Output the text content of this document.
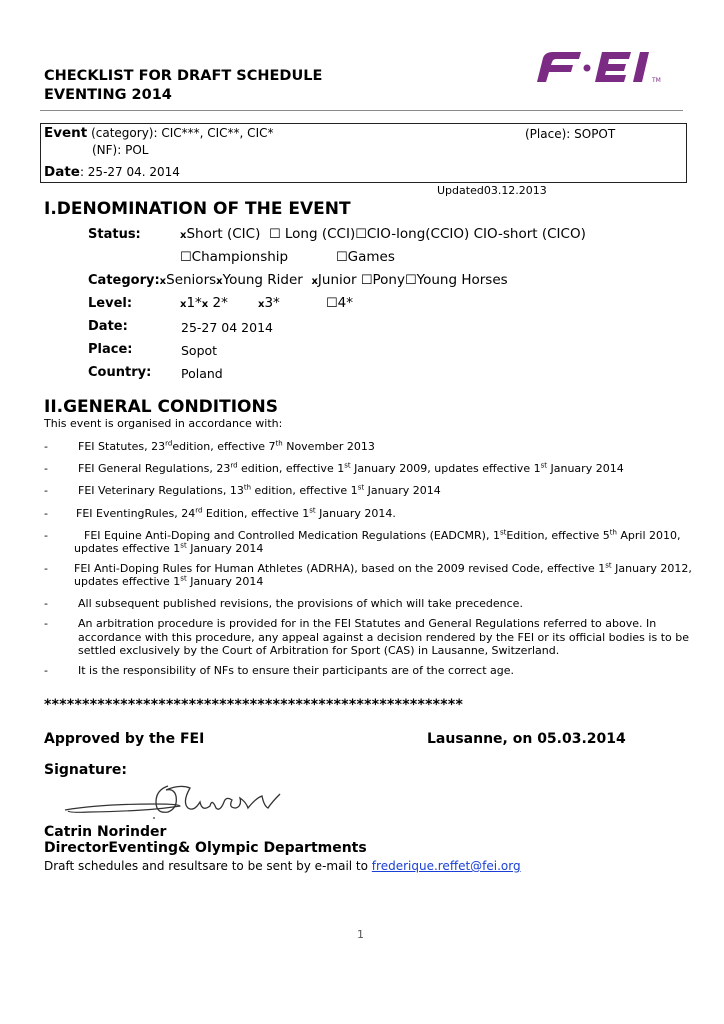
CHECKLIST FOR DRAFT SCHEDULE
EVENTING 2014
TM
Event (category): CIC***, CIC**, CIC*	(Place): SOPOT
(NF): POL
Date: 25-27 04. 2014
Updated03.12.2013
I.DENOMINATION OF THE EVENT
Status:	xShort (CIC) ☐ Long (CCI)☐CIO-long(CCIO) CIO-short (CICO)
☐Championship	☐Games
Category:xSeniorsxYoung Rider xJunior ☐Pony☐Young Horses
Level:	x1*x 2*	x3*	☐4*
Date:	25-27 04 2014
Place:	Sopot
Country: Poland
II.GENERAL CONDITIONS
This event is organised in accordance with:
-	FEI Statutes, 23rdedition, effective 7th November 2013
-	FEI General Regulations, 23rd edition, effective 1st January 2009, updates effective 1st January 2014
-	FEI Veterinary Regulations, 13th edition, effective 1st January 2014
-	FEI EventingRules, 24rd Edition, effective 1st January 2014.
-	FEI Equine Anti-Doping and Controlled Medication Regulations (EADCMR), 1stEdition, effective 5th April 2010,
updates effective 1st January 2014
- FEI Anti-Doping Rules for Human Athletes (ADRHA), based on the 2009 revised Code, effective 1st January 2012,
updates effective 1st January 2014
-	All subsequent published revisions, the provisions of which will take precedence.
-	An arbitration procedure is provided for in the FEI Statutes and General Regulations referred to above. In
accordance with this procedure, any appeal against a decision rendered by the FEI or its official bodies is to be
settled exclusively by the Court of Arbitration for Sport (CAS) in Lausanne, Switzerland.
-	It is the responsibility of NFs to ensure their participants are of the correct age.
*******************************************************
Approved by the FEI	Lausanne, on 05.03.2014
Signature:
Catrin Norinder
DirectorEventing& Olympic Departments
Draft schedules and resultsare to be sent by e-mail to frederique.reffet@fei.org
1
